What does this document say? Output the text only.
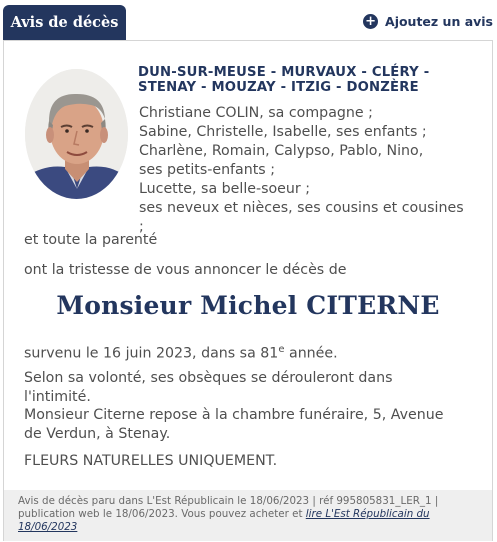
Avis de décès	+ Ajoutez un avis
DUN-SUR-MEUSE - MURVAUX - CLÉRY -
STENAY - MOUZAY - ITZIG - DONZÈRE
Christiane COLIN, sa compagne ;
Sabine, Christelle, Isabelle, ses enfants ;
Charlène, Romain, Calypso, Pablo, Nino,
ses petits-enfants ;
Lucette, sa belle-soeur ;
ses neveux et nièces, ses cousins et cousines
;
et toute la parenté
ont la tristesse de vous annoncer le décès de
Monsieur Michel CITERNE
survenu le 16 juin 2023, dans sa 81e année.
Selon sa volonté, ses obsèques se dérouleront dans l'intimité.
Monsieur Citerne repose à la chambre funéraire, 5, Avenue de Verdun, à Stenay.
FLEURS NATURELLES UNIQUEMENT.
Avis de décès paru dans L'Est Républicain le 18/06/2023 | réf 995805831_LER_1 | publication web le 18/06/2023. Vous pouvez acheter et lire L'Est Républicain du 18/06/2023
